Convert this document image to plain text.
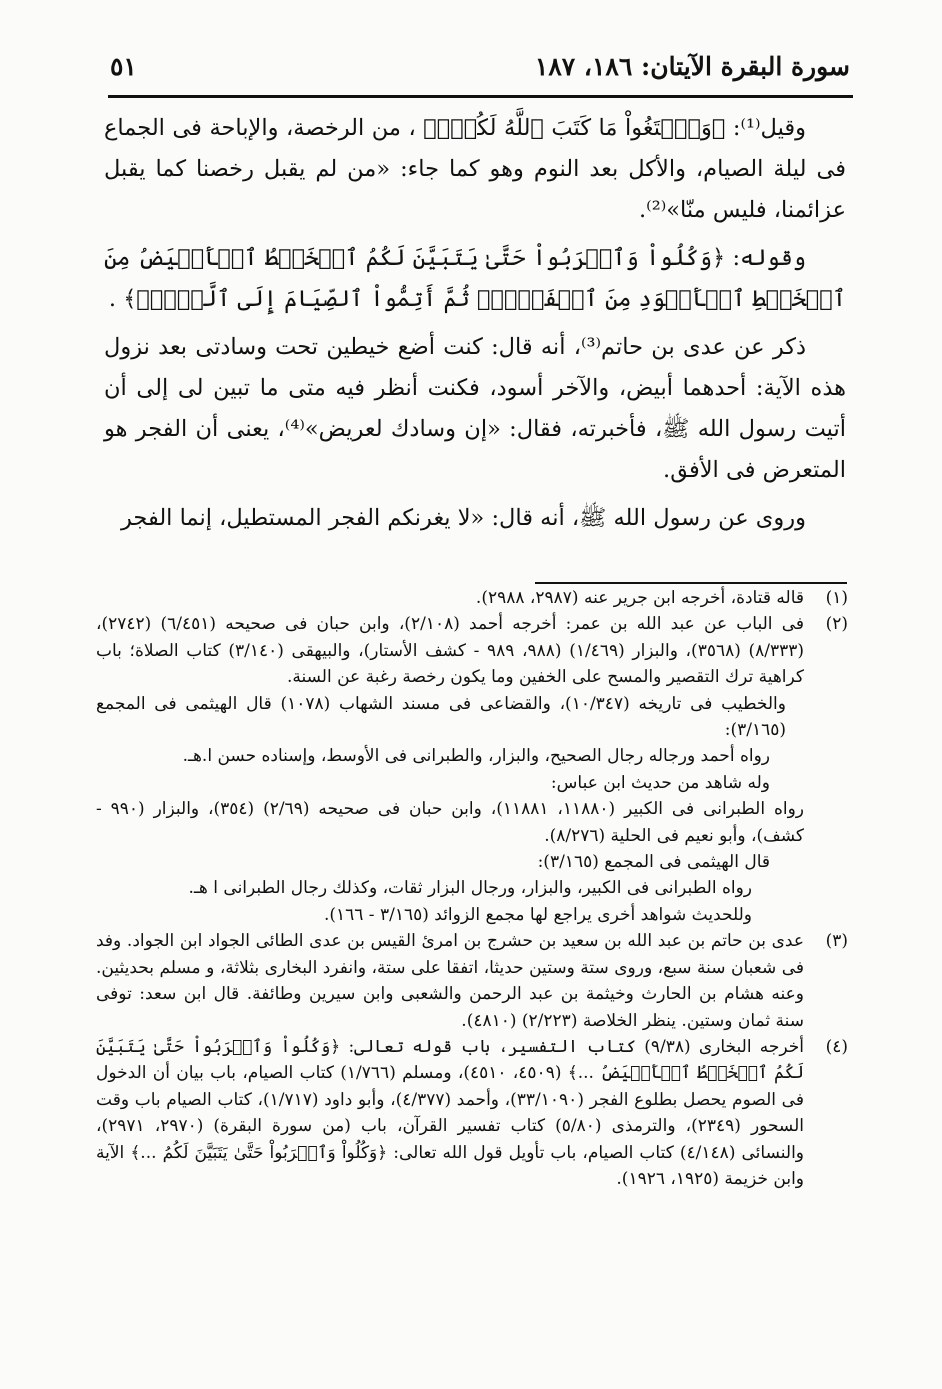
سورة البقرة الآيتان: ١٨٦، ١٨٧
٥١

وقيل⁽¹⁾: ﴿وَٱبۡتَغُواْ مَا كَتَبَ ٱللَّهُ لَكُمۡۚ﴾ ، من الرخصة، والإباحة فى الجماع فى ليلة الصيام، والأكل بعد النوم وهو كما جاء: «من لم يقبل رخصنا كما يقبل عزائمنا، فليس منّا»⁽²⁾.

وقوله: ﴿وَكُلُواْ وَٱشۡرَبُواْ حَتَّىٰ يَتَبَيَّنَ لَكُمُ ٱلۡخَيۡطُ ٱلۡأَبۡيَضُ مِنَ ٱلۡخَيۡطِ ٱلۡأَسۡوَدِ مِنَ ٱلۡفَجۡرِۖ ثُمَّ أَتِمُّواْ ٱلصِّيَامَ إِلَى ٱلَّيۡلِۚ﴾ .

ذكر عن عدى بن حاتم⁽³⁾، أنه قال: كنت أضع خيطين تحت وسادتى بعد نزول هذه الآية: أحدهما أبيض، والآخر أسود، فكنت أنظر فيه متى ما تبين لى إلى أن أتيت رسول الله ﷺ، فأخبرته، فقال: «إن وسادك لعريض»⁽⁴⁾، يعنى أن الفجر هو المتعرض فى الأفق.

وروى عن رسول الله ﷺ، أنه قال: «لا يغرنكم الفجر المستطيل، إنما الفجر

(١)

قاله قتادة، أخرجه ابن جرير عنه (٢٩٨٧، ٢٩٨٨).

(٢)

فى الباب عن عبد الله بن عمر: أخرجه أحمد (٢/١٠٨)، وابن حبان فى صحيحه (٦/٤٥١) (٢٧٤٢)، (٨/٣٣٣) (٣٥٦٨)، والبزار (١/٤٦٩) (٩٨٨، ٩٨٩ - كشف الأستار)، والبيهقى (٣/١٤٠) كتاب الصلاة؛ باب كراهية ترك التقصير والمسح على الخفين وما يكون رخصة رغبة عن السنة.

والخطيب فى تاريخه (١٠/٣٤٧)، والقضاعى فى مسند الشهاب (١٠٧٨) قال الهيثمى فى المجمع (٣/١٦٥):

رواه أحمد ورجاله رجال الصحيح، والبزار، والطبرانى فى الأوسط، وإسناده حسن ا.هـ.

وله شاهد من حديث ابن عباس:

رواه الطبرانى فى الكبير (١١٨٨٠، ١١٨٨١)، وابن حبان فى صحيحه (٢/٦٩) (٣٥٤)، والبزار (٩٩٠ - كشف)، وأبو نعيم فى الحلية (٨/٢٧٦).

قال الهيثمى فى المجمع (٣/١٦٥):

رواه الطبرانى فى الكبير، والبزار، ورجال البزار ثقات، وكذلك رجال الطبرانى ا هـ.

وللحديث شواهد أخرى يراجع لها مجمع الزوائد (٣/١٦٥ - ١٦٦).

(٣)

عدى بن حاتم بن عبد الله بن سعيد بن حشرج بن امرئ القيس بن عدى الطائى الجواد ابن الجواد. وفد فى شعبان سنة سبع، وروى ستة وستين حديثا، اتفقا على ستة، وانفرد البخارى بثلاثة، و مسلم بحديثين. وعنه هشام بن الحارث وخيثمة بن عبد الرحمن والشعبى وابن سيرين وطائفة. قال ابن سعد: توفى سنة ثمان وستين. ينظر الخلاصة (٢/٢٢٣) (٤٨١٠).

(٤)

أخرجه البخارى (٩/٣٨) كتاب التفسير، باب قوله تعالى: ﴿وَكُلُواْ وَٱشۡرَبُواْ حَتَّىٰ يَتَبَيَّنَ لَكُمُ ٱلۡخَيۡطُ ٱلۡأَبۡيَضُ ...﴾ (٤٥٠٩، ٤٥١٠)، ومسلم (١/٧٦٦) كتاب الصيام، باب بيان أن الدخول فى الصوم يحصل بطلوع الفجر (٣٣/١٠٩٠)، وأحمد (٤/٣٧٧)، وأبو داود (١/٧١٧)، كتاب الصيام باب وقت السحور (٢٣٤٩)، والترمذى (٥/٨٠) كتاب تفسير القرآن، باب (من سورة البقرة) (٢٩٧٠، ٢٩٧١)، والنسائى (٤/١٤٨) كتاب الصيام، باب تأويل قول الله تعالى: ﴿وَكُلُواْ وَٱشۡرَبُواْ حَتَّىٰ يَتَبَيَّنَ لَكُمُ ...﴾ الآية وابن خزيمة (١٩٢٥، ١٩٢٦).
